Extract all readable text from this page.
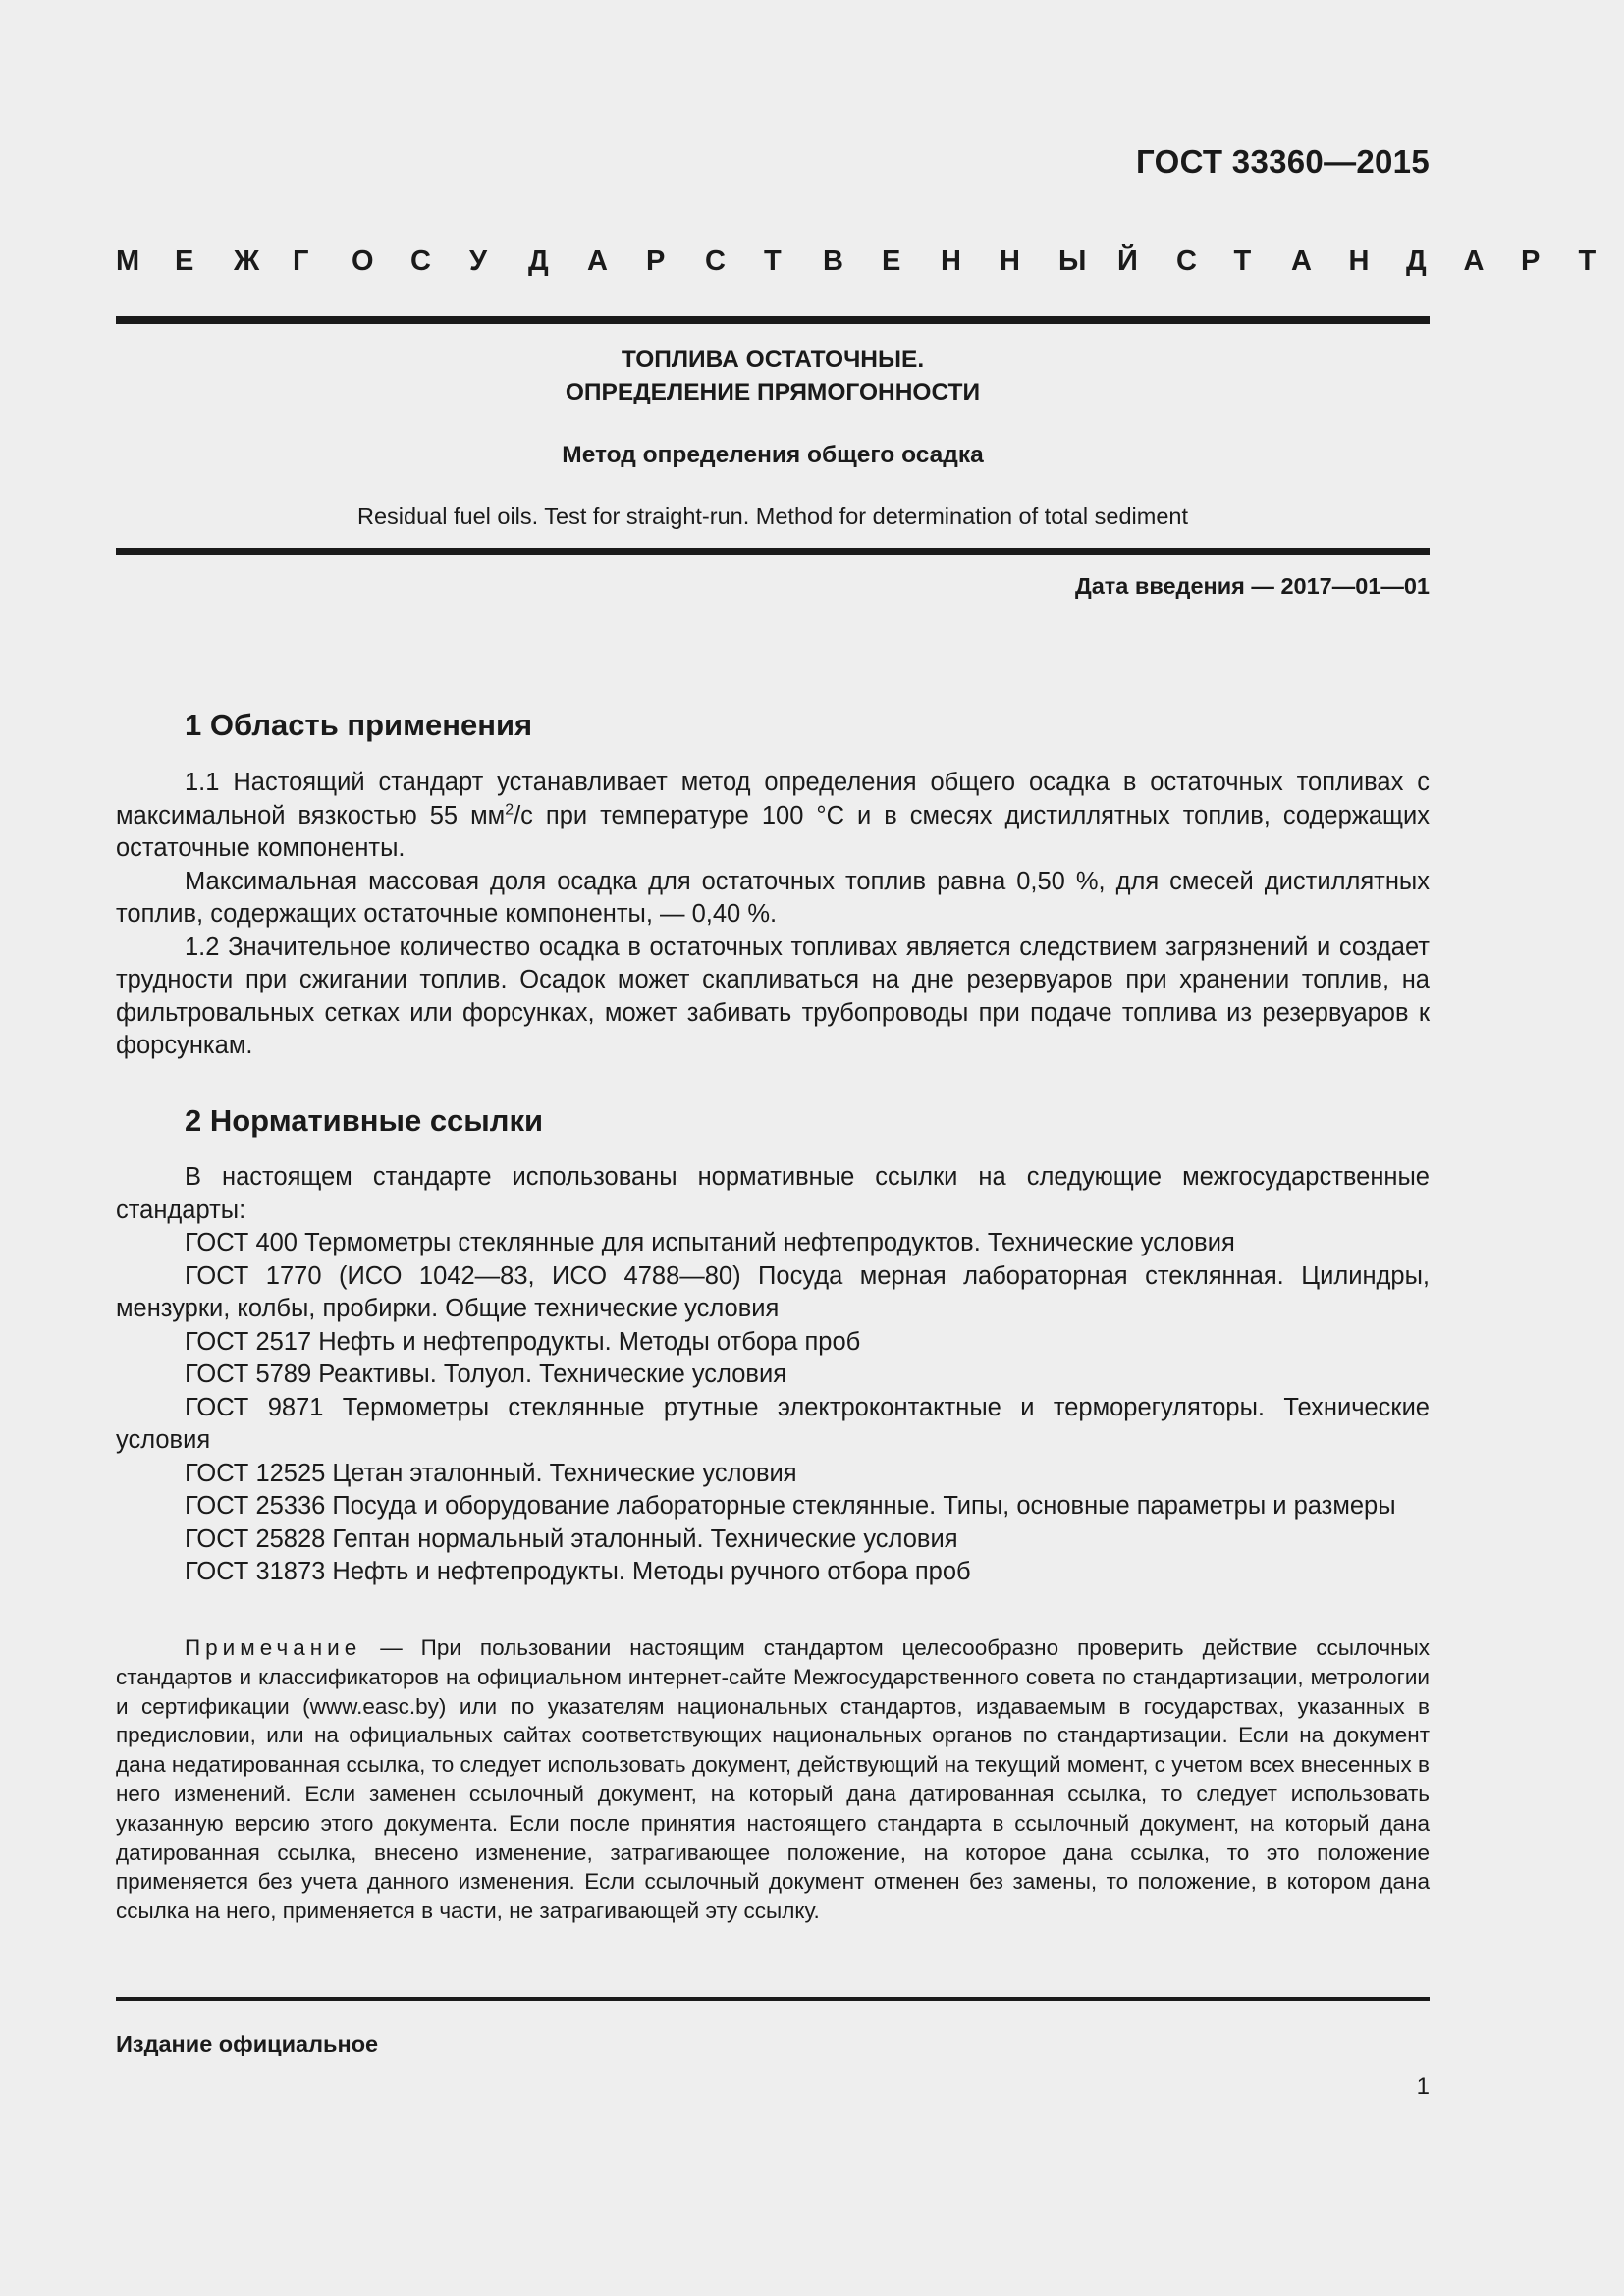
ГОСТ 33360—2015
М	Е	Ж	Г	О	С	У	Д	А	Р	С	Т	В	Е	Н	Н	Ы	Й	С	Т	А	Н	Д	А	Р	Т
ТОПЛИВА ОСТАТОЧНЫЕ.
ОПРЕДЕЛЕНИЕ ПРЯМОГОННОСТИ
Метод определения общего осадка
Residual fuel oils. Test for straight-run. Method for determination of total sediment
Дата введения — 2017—01—01
1 Область применения

1.1 Настоящий стандарт устанавливает метод определения общего осадка в остаточных топливах с максимальной вязкостью 55 $мм^2/с$ при температуре 100 °С и в смесях дистиллятных топлив, содержащих остаточные компоненты.

Максимальная массовая доля осадка для остаточных топлив равна 0,50 %, для смесей дистиллятных топлив, содержащих остаточные компоненты, — 0,40 %.

1.2 Значительное количество осадка в остаточных топливах является следствием загрязнений и создает трудности при сжигании топлив. Осадок может скапливаться на дне резервуаров при хранении топлив, на фильтровальных сетках или форсунках, может забивать трубопроводы при подаче топлива из резервуаров к форсункам.

2 Нормативные ссылки

В настоящем стандарте использованы нормативные ссылки на следующие межгосударственные стандарты:

ГОСТ 400 Термометры стеклянные для испытаний нефтепродуктов. Технические условия

ГОСТ 1770 (ИСО 1042—83, ИСО 4788—80) Посуда мерная лабораторная стеклянная. Цилиндры, мензурки, колбы, пробирки. Общие технические условия

ГОСТ 2517 Нефть и нефтепродукты. Методы отбора проб

ГОСТ 5789 Реактивы. Толуол. Технические условия

ГОСТ 9871 Термометры стеклянные ртутные электроконтактные и терморегуляторы. Технические условия

ГОСТ 12525 Цетан эталонный. Технические условия

ГОСТ 25336 Посуда и оборудование лабораторные стеклянные. Типы, основные параметры и размеры

ГОСТ 25828 Гептан нормальный эталонный. Технические условия

ГОСТ 31873 Нефть и нефтепродукты. Методы ручного отбора проб

Примечание — При пользовании настоящим стандартом целесообразно проверить действие ссылочных стандартов и классификаторов на официальном интернет-сайте Межгосударственного совета по стандартизации, метрологии и сертификации (www.easc.by) или по указателям национальных стандартов, издаваемым в государствах, указанных в предисловии, или на официальных сайтах соответствующих национальных органов по стандартизации. Если на документ дана недатированная ссылка, то следует использовать документ, действующий на текущий момент, с учетом всех внесенных в него изменений. Если заменен ссылочный документ, на который дана датированная ссылка, то следует использовать указанную версию этого документа. Если после принятия настоящего стандарта в ссылочный документ, на который дана датированная ссылка, внесено изменение, затрагивающее положение, на которое дана ссылка, то это положение применяется без учета данного изменения. Если ссылочный документ отменен без замены, то положение, в котором дана ссылка на него, применяется в части, не затрагивающей эту ссылку.
Издание официальное
1
